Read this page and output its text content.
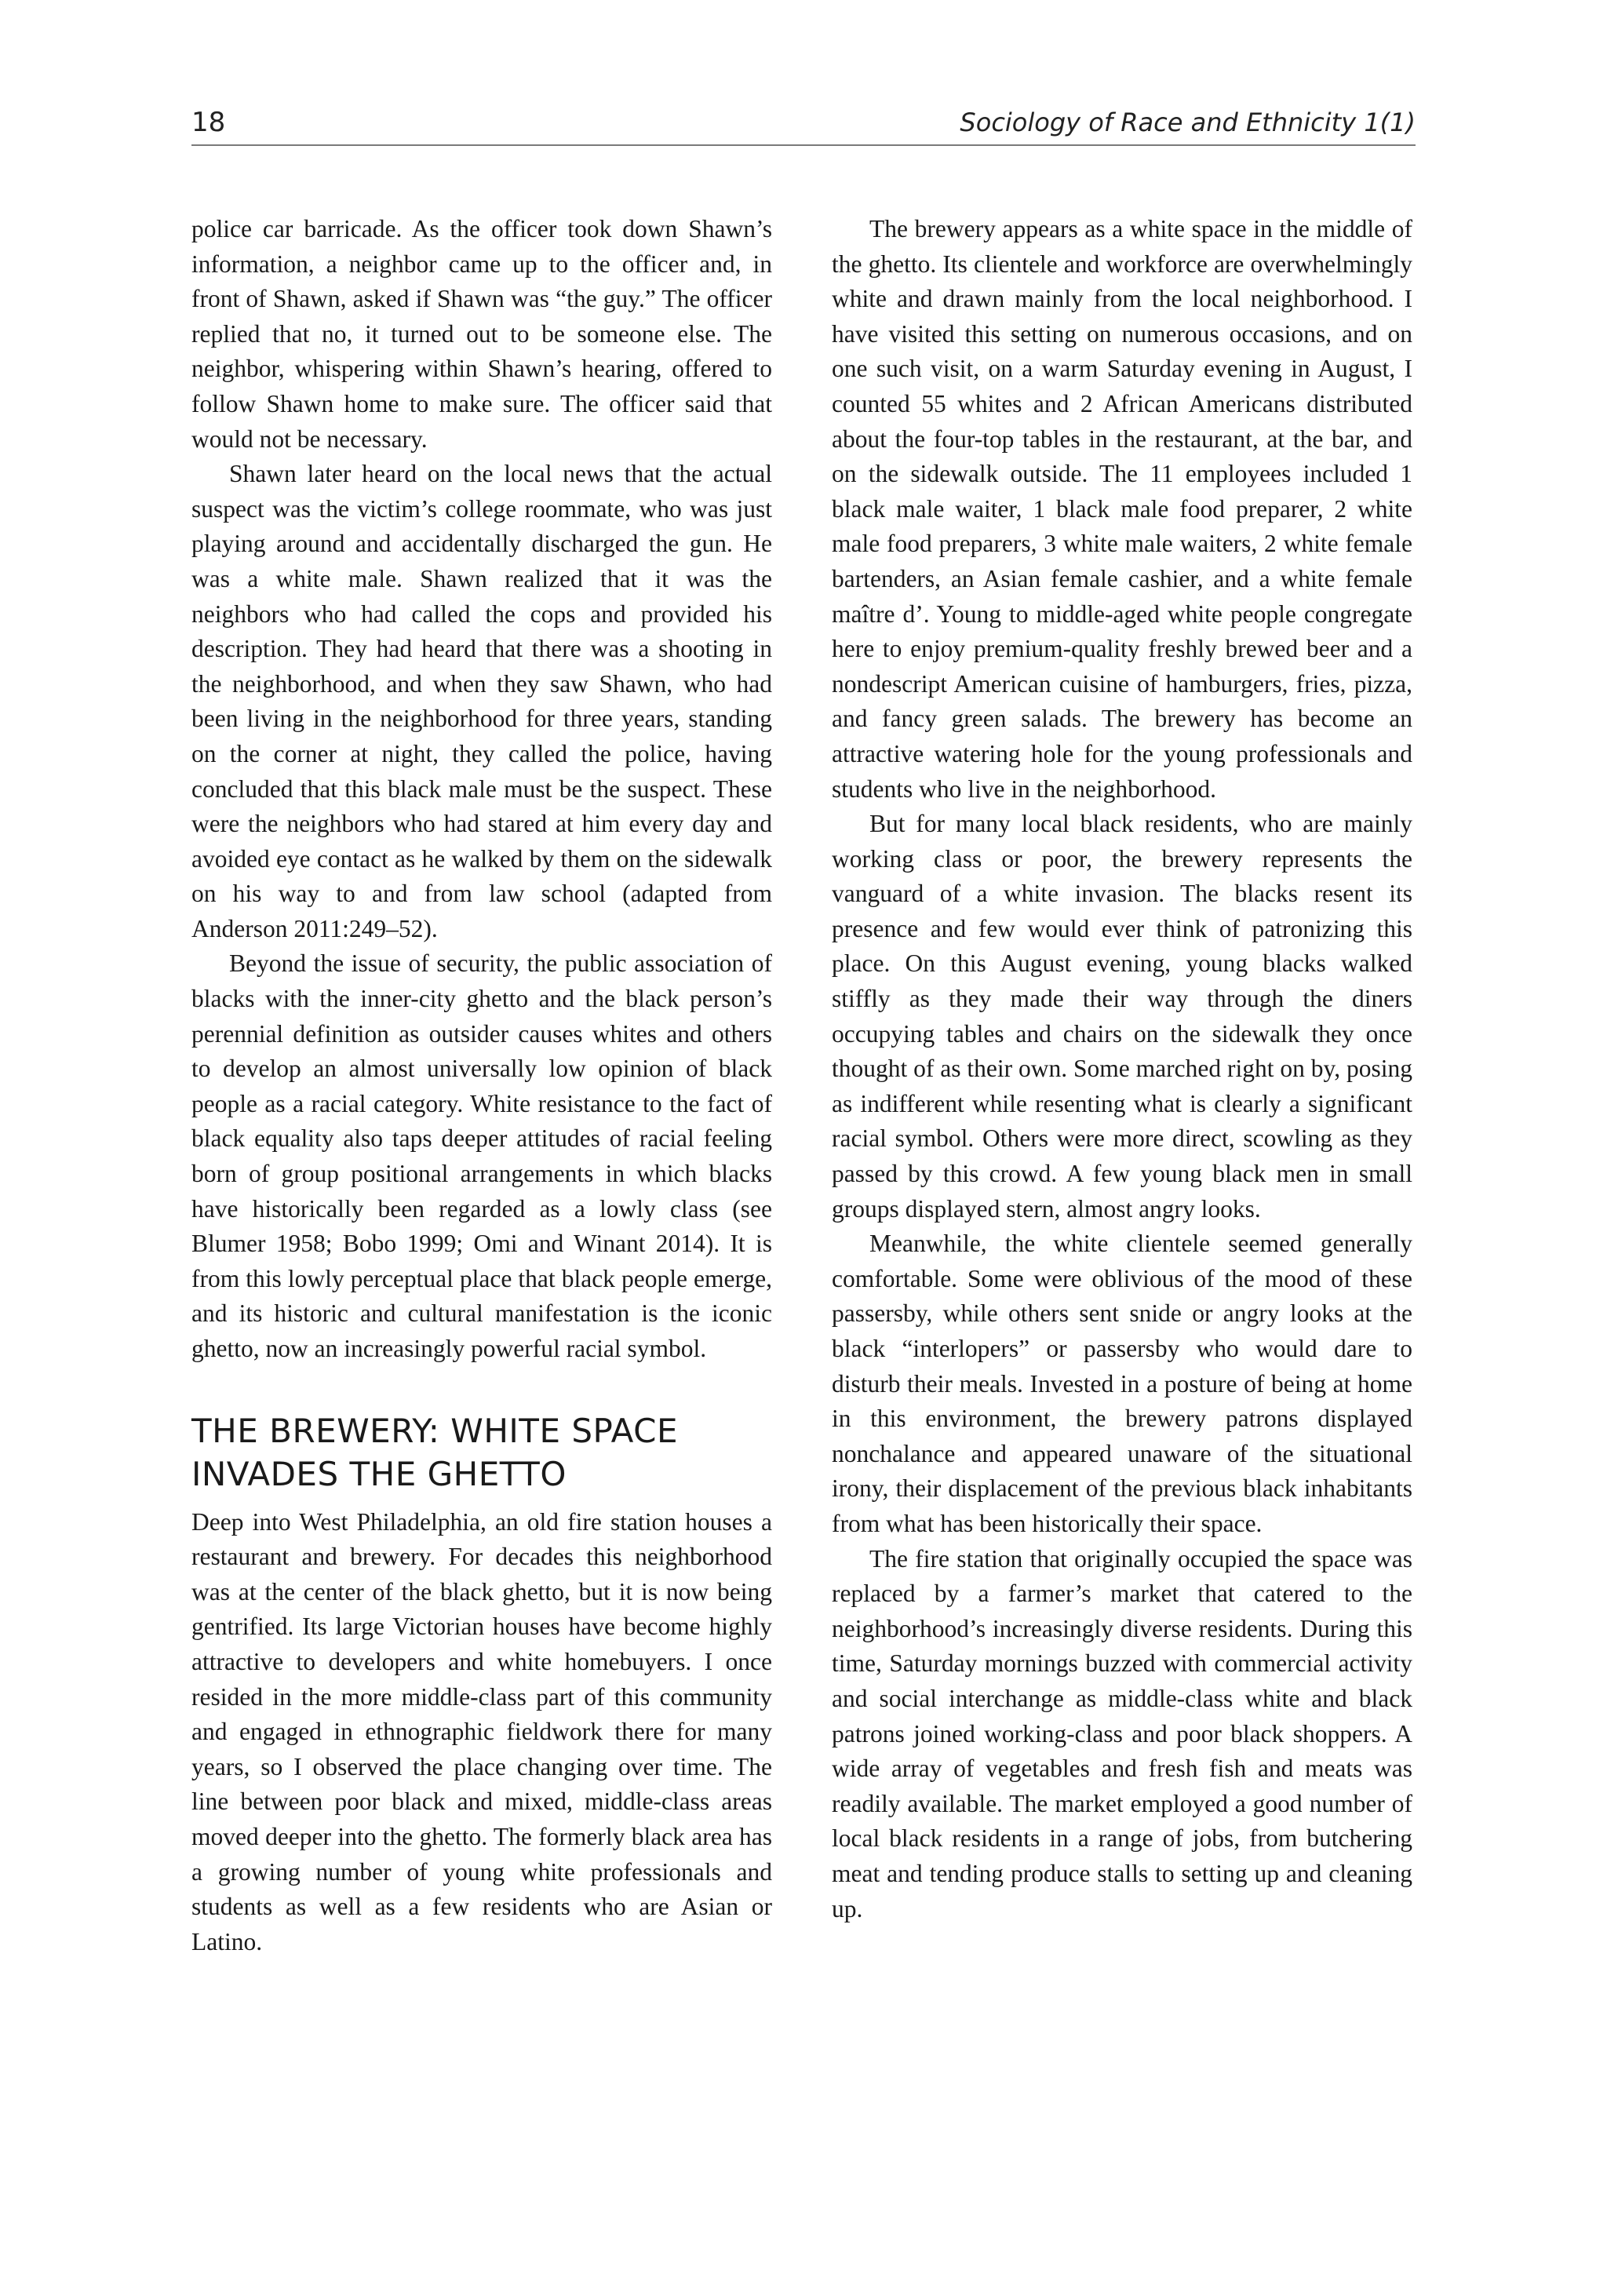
18	Sociology of Race and Ethnicity 1(1)

police car barricade. As the officer took down Shawn’s information, a neighbor came up to the officer and, in front of Shawn, asked if Shawn was “the guy.” The officer replied that no, it turned out to be someone else. The neighbor, whispering within Shawn’s hearing, offered to follow Shawn home to make sure. The officer said that would not be necessary.

Shawn later heard on the local news that the actual suspect was the victim’s college roommate, who was just playing around and accidentally discharged the gun. He was a white male. Shawn realized that it was the neighbors who had called the cops and provided his description. They had heard that there was a shooting in the neighborhood, and when they saw Shawn, who had been living in the neighborhood for three years, standing on the corner at night, they called the police, having concluded that this black male must be the suspect. These were the neighbors who had stared at him every day and avoided eye contact as he walked by them on the sidewalk on his way to and from law school (adapted from Anderson 2011:249–52).

Beyond the issue of security, the public association of blacks with the inner-city ghetto and the black person’s perennial definition as outsider causes whites and others to develop an almost universally low opinion of black people as a racial category. White resistance to the fact of black equality also taps deeper attitudes of racial feeling born of group positional arrangements in which blacks have historically been regarded as a lowly class (see Blumer 1958; Bobo 1999; Omi and Winant 2014). It is from this lowly perceptual place that black people emerge, and its historic and cultural manifestation is the iconic ghetto, now an increasingly powerful racial symbol.

THE BREWERY: WHITE SPACE INVADES THE GHETTO

Deep into West Philadelphia, an old fire station houses a restaurant and brewery. For decades this neighborhood was at the center of the black ghetto, but it is now being gentrified. Its large Victorian houses have become highly attractive to developers and white homebuyers. I once resided in the more middle-class part of this community and engaged in ethnographic fieldwork there for many years, so I observed the place changing over time. The line between poor black and mixed, middle-class areas moved deeper into the ghetto. The formerly black area has a growing number of young white professionals and students as well as a few residents who are Asian or Latino.

The brewery appears as a white space in the middle of the ghetto. Its clientele and workforce are overwhelmingly white and drawn mainly from the local neighborhood. I have visited this setting on numerous occasions, and on one such visit, on a warm Saturday evening in August, I counted 55 whites and 2 African Americans distributed about the four-top tables in the restaurant, at the bar, and on the sidewalk outside. The 11 employees included 1 black male waiter, 1 black male food preparer, 2 white male food preparers, 3 white male waiters, 2 white female bartenders, an Asian female cashier, and a white female maître d’. Young to middle-aged white people congregate here to enjoy premium-quality freshly brewed beer and a nondescript American cuisine of hamburgers, fries, pizza, and fancy green salads. The brewery has become an attractive watering hole for the young professionals and students who live in the neighborhood.

But for many local black residents, who are mainly working class or poor, the brewery represents the vanguard of a white invasion. The blacks resent its presence and few would ever think of patronizing this place. On this August evening, young blacks walked stiffly as they made their way through the diners occupying tables and chairs on the sidewalk they once thought of as their own. Some marched right on by, posing as indifferent while resenting what is clearly a significant racial symbol. Others were more direct, scowling as they passed by this crowd. A few young black men in small groups displayed stern, almost angry looks.

Meanwhile, the white clientele seemed generally comfortable. Some were oblivious of the mood of these passersby, while others sent snide or angry looks at the black “interlopers” or passersby who would dare to disturb their meals. Invested in a posture of being at home in this environment, the brewery patrons displayed nonchalance and appeared unaware of the situational irony, their displacement of the previous black inhabitants from what has been historically their space.

The fire station that originally occupied the space was replaced by a farmer’s market that catered to the neighborhood’s increasingly diverse residents. During this time, Saturday mornings buzzed with commercial activity and social interchange as middle-class white and black patrons joined working-class and poor black shoppers. A wide array of vegetables and fresh fish and meats was readily available. The market employed a good number of local black residents in a range of jobs, from butchering meat and tending produce stalls to setting up and cleaning up.
